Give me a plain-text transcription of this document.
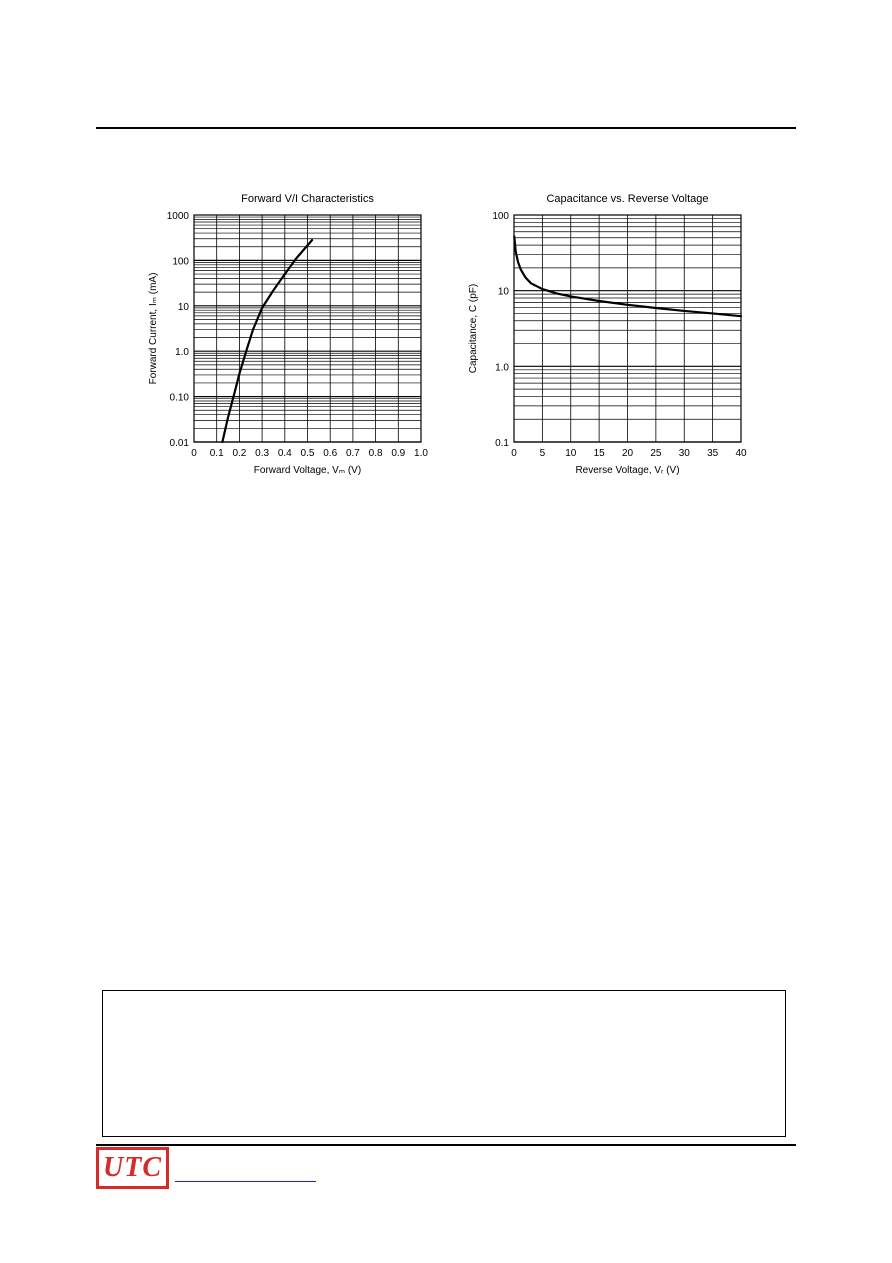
Forward V/I Characteristics
0 0.1 0.2 0.3 0.4 0.5 0.6 0.7 0.8 0.9 1.0
0.01
0.10
1.0
10
100
1000
Forward Voltage, Vₘ (V)
Forward Current, Iₘ (mA)
Capacitance vs. Reverse Voltage
0 5 10 15 20 25 30 35 40
0.1
1.0
10
100
Reverse Voltage, Vᵣ (V)
Capacitance, C (pF)
UTC
